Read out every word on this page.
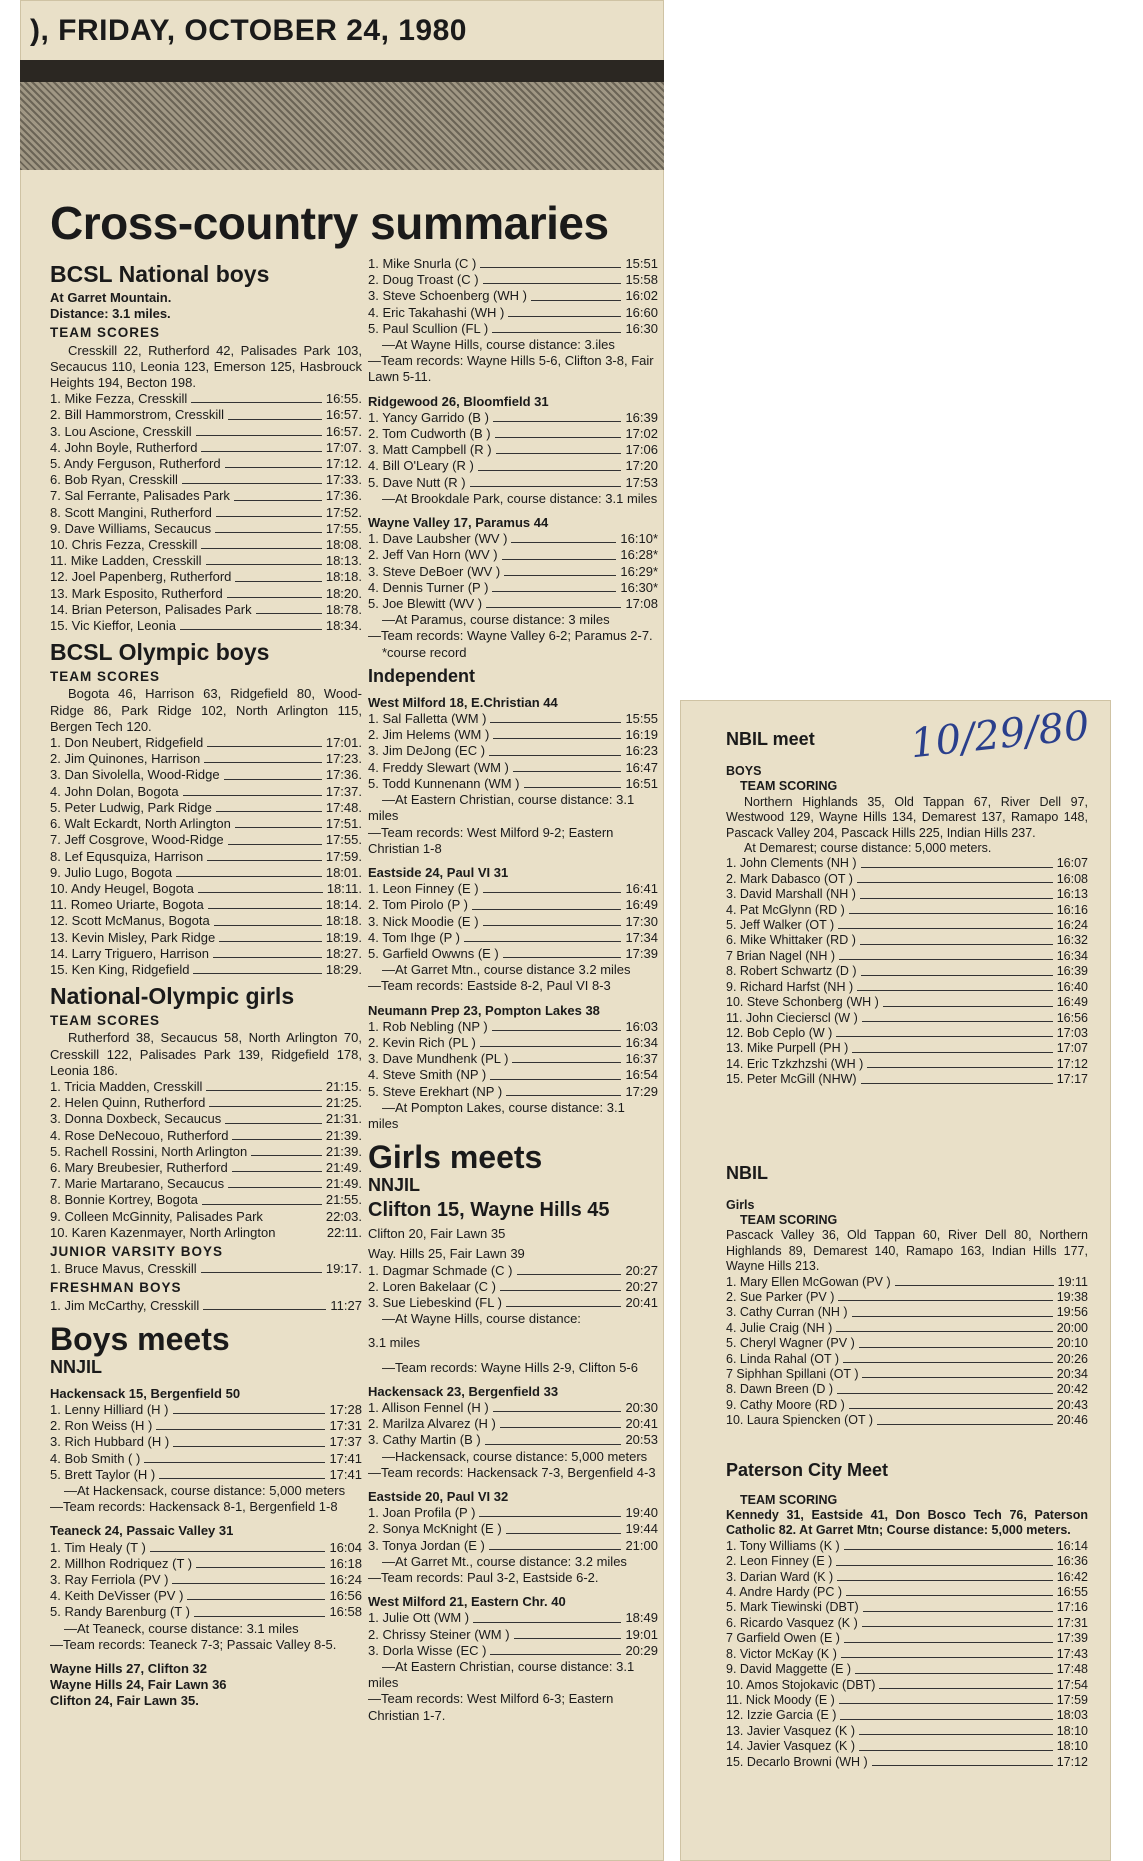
), FRIDAY, OCTOBER 24, 1980
Cross-country summaries
BCSL National boys
At Garret Mountain.
Distance: 3.1 miles.
TEAM SCORES

Cresskill 22, Rutherford 42, Palisades Park 103, Secaucus 110, Leonia 123, Emerson 125, Hasbrouck Heights 194, Becton 198.

1. Mike Fezza, Cresskill	16:55.
2. Bill Hammorstrom, Cresskill	16:57.
3. Lou Ascione, Cresskill	16:57.
4. John Boyle, Rutherford	17:07.
5. Andy Ferguson, Rutherford	17:12.
6. Bob Ryan, Cresskill	17:33.
7. Sal Ferrante, Palisades Park	17:36.
8. Scott Mangini, Rutherford	17:52.
9. Dave Williams, Secaucus	17:55.
10. Chris Fezza, Cresskill	18:08.
11. Mike Ladden, Cresskill	18:13.
12. Joel Papenberg, Rutherford	18:18.
13. Mark Esposito, Rutherford	18:20.
14. Brian Peterson, Palisades Park	18:78.
15. Vic Kieffor, Leonia	18:34.
BCSL Olympic boys
TEAM SCORES

Bogota 46, Harrison 63, Ridgefield 80, Wood-Ridge 86, Park Ridge 102, North Arlington 115, Bergen Tech 120.

1. Don Neubert, Ridgefield	17:01.
2. Jim Quinones, Harrison	17:23.
3. Dan Sivolella, Wood-Ridge	17:36.
4. John Dolan, Bogota	17:37.
5. Peter Ludwig, Park Ridge	17:48.
6. Walt Eckardt, North Arlington	17:51.
7. Jeff Cosgrove, Wood-Ridge	17:55.
8. Lef Equsquiza, Harrison	17:59.
9. Julio Lugo, Bogota	18:01.
10. Andy Heugel, Bogota	18:11.
11. Romeo Uriarte, Bogota	18:14.
12. Scott McManus, Bogota	18:18.
13. Kevin Misley, Park Ridge	18:19.
14. Larry Triguero, Harrison	18:27.
15. Ken King, Ridgefield	18:29.
National-Olympic girls
TEAM SCORES

Rutherford 38, Secaucus 58, North Arlington 70, Cresskill 122, Palisades Park 139, Ridgefield 178, Leonia 186.

1. Tricia Madden, Cresskill	21:15.
2. Helen Quinn, Rutherford	21:25.
3. Donna Doxbeck, Secaucus	21:31.
4. Rose DeNecouo, Rutherford	21:39.
5. Rachell Rossini, North Arlington	21:39.
6. Mary Breubesier, Rutherford	21:49.
7. Marie Martarano, Secaucus	21:49.
8. Bonnie Kortrey, Bogota	21:55.

9. Colleen McGinnity, Palisades Park	22:03.

10. Karen Kazenmayer, North Arlington	22:11.

JUNIOR VARSITY BOYS
1. Bruce Mavus, Cresskill	19:17.
FRESHMAN BOYS
1. Jim McCarthy, Cresskill	11:27
Boys meets
NNJIL
Hackensack 15, Bergenfield 50
1. Lenny Hilliard (H )	17:28
2. Ron Weiss (H )	17:31
3. Rich Hubbard (H )	17:37
4. Bob Smith ( )	17:41
5. Brett Taylor (H )	17:41

—At Hackensack, course distance: 5,000 meters

—Team records: Hackensack 8-1, Bergenfield 1-8

Teaneck 24, Passaic Valley 31
1. Tim Healy (T )	16:04
2. Millhon Rodriquez (T )	16:18
3. Ray Ferriola (PV )	16:24
4. Keith DeVisser (PV )	16:56
5. Randy Barenburg (T )	16:58

—At Teaneck, course distance: 3.1 miles

—Team records: Teaneck 7-3; Passaic Valley 8-5.

Wayne Hills 27, Clifton 32
Wayne Hills 24, Fair Lawn 36
Clifton 24, Fair Lawn 35.
1. Mike Snurla (C )	15:51
2. Doug Troast (C )	15:58
3. Steve Schoenberg (WH )	16:02
4. Eric Takahashi (WH )	16:60
5. Paul Scullion (FL )	16:30

—At Wayne Hills, course distance: 3.iles

—Team records: Wayne Hills 5-6, Clifton 3-8, Fair Lawn 5-11.

Ridgewood 26, Bloomfield 31
1. Yancy Garrido (B )	16:39
2. Tom Cudworth (B )	17:02
3. Matt Campbell (R )	17:06
4. Bill O'Leary (R )	17:20
5. Dave Nutt (R )	17:53

—At Brookdale Park, course distance: 3.1 miles

Wayne Valley 17, Paramus 44
1. Dave Laubsher (WV )	16:10*
2. Jeff Van Horn (WV )	16:28*
3. Steve DeBoer (WV )	16:29*
4. Dennis Turner (P )	16:30*
5. Joe Blewitt (WV )	17:08

—At Paramus, course distance: 3 miles

—Team records: Wayne Valley 6-2; Paramus 2-7.

*course record

Independent
West Milford 18, E.Christian 44
1. Sal Falletta (WM )	15:55
2. Jim Helems (WM )	16:19
3. Jim DeJong (EC )	16:23
4. Freddy Slewart (WM )	16:47
5. Todd Kunnenann (WM )	16:51

—At Eastern Christian, course distance: 3.1 miles

—Team records: West Milford 9-2; Eastern Christian 1-8

Eastside 24, Paul VI 31
1. Leon Finney (E )	16:41
2. Tom Pirolo (P )	16:49
3. Nick Moodie (E )	17:30
4. Tom Ihge (P )	17:34
5. Garfield Owwns (E )	17:39

—At Garret Mtn., course distance 3.2 miles

—Team records: Eastside 8-2, Paul VI 8-3

Neumann Prep 23, Pompton Lakes 38
1. Rob Nebling (NP )	16:03
2. Kevin Rich (PL )	16:34
3. Dave Mundhenk (PL )	16:37
4. Steve Smith (NP )	16:54
5. Steve Erekhart (NP )	17:29

—At Pompton Lakes, course distance: 3.1 miles

Girls meets
NNJIL
Clifton 15, Wayne Hills 45
Clifton 20, Fair Lawn 35
Way. Hills 25, Fair Lawn 39
1. Dagmar Schmade (C )	20:27
2. Loren Bakelaar (C )	20:27
3. Sue Liebeskind (FL )	20:41

—At Wayne Hills, course distance:

3.1 miles

—Team records: Wayne Hills 2-9, Clifton 5-6

Hackensack 23, Bergenfield 33
1. Allison Fennel (H )	20:30
2. Marilza Alvarez (H )	20:41
3. Cathy Martin (B )	20:53

—Hackensack, course distance: 5,000 meters

—Team records: Hackensack 7-3, Bergenfield 4-3

Eastside 20, Paul VI 32
1. Joan Profila (P )	19:40
2. Sonya McKnight (E )	19:44
3. Tonya Jordan (E )	21:00

—At Garret Mt., course distance: 3.2 miles

—Team records: Paul 3-2, Eastside 6-2.

West Milford 21, Eastern Chr. 40
1. Julie Ott (WM )	18:49
2. Chrissy Steiner (WM )	19:01
3. Dorla Wisse (EC )	20:29

—At Eastern Christian, course distance: 3.1 miles

—Team records: West Milford 6-3; Eastern Christian 1-7.

10/29/80
NBIL meet
BOYS
TEAM SCORING

Northern Highlands 35, Old Tappan 67, River Dell 97, Westwood 129, Wayne Hills 134, Demarest 137, Ramapo 148, Pascack Valley 204, Pascack Hills 225, Indian Hills 237.

At Demarest; course distance: 5,000 meters.

1. John Clements (NH )	16:07
2. Mark Dabasco (OT )	16:08
3. David Marshall (NH )	16:13
4. Pat McGlynn (RD )	16:16
5. Jeff Walker (OT )	16:24
6. Mike Whittaker (RD )	16:32
7 Brian Nagel (NH )	16:34
8. Robert Schwartz (D )	16:39
9. Richard Harfst (NH )	16:40
10. Steve Schonberg (WH )	16:49
11. John Ciecierscl (W )	16:56
12. Bob Ceplo (W )	17:03
13. Mike Purpell (PH )	17:07
14. Eric Tzkzhzshi (WH )	17:12
15. Peter McGill (NHW)	17:17
NBIL
Girls
TEAM SCORING

Pascack Valley 36, Old Tappan 60, River Dell 80, Northern Highlands 89, Demarest 140, Ramapo 163, Indian Hills 177, Wayne Hills 213.

1. Mary Ellen McGowan (PV )	19:11
2. Sue Parker (PV )	19:38
3. Cathy Curran (NH )	19:56
4. Julie Craig (NH )	20:00
5. Cheryl Wagner (PV )	20:10
6. Linda Rahal (OT )	20:26
7 Siphhan Spillani (OT )	20:34
8. Dawn Breen (D )	20:42
9. Cathy Moore (RD )	20:43
10. Laura Spiencken (OT )	20:46
Paterson City Meet
TEAM SCORING

Kennedy 31, Eastside 41, Don Bosco Tech 76, Paterson Catholic 82. At Garret Mtn; Course distance: 5,000 meters.

1. Tony Williams (K )	16:14
2. Leon Finney (E )	16:36
3. Darian Ward (K )	16:42
4. Andre Hardy (PC )	16:55
5. Mark Tiewinski (DBT)	17:16
6. Ricardo Vasquez (K )	17:31
7 Garfield Owen (E )	17:39
8. Victor McKay (K )	17:43
9. David Maggette (E )	17:48
10. Amos Stojokavic (DBT)	17:54
11. Nick Moody (E )	17:59
12. Izzie Garcia (E )	18:03
13. Javier Vasquez (K )	18:10
14. Javier Vasquez (K )	18:10
15. Decarlo Browni (WH )	17:12
